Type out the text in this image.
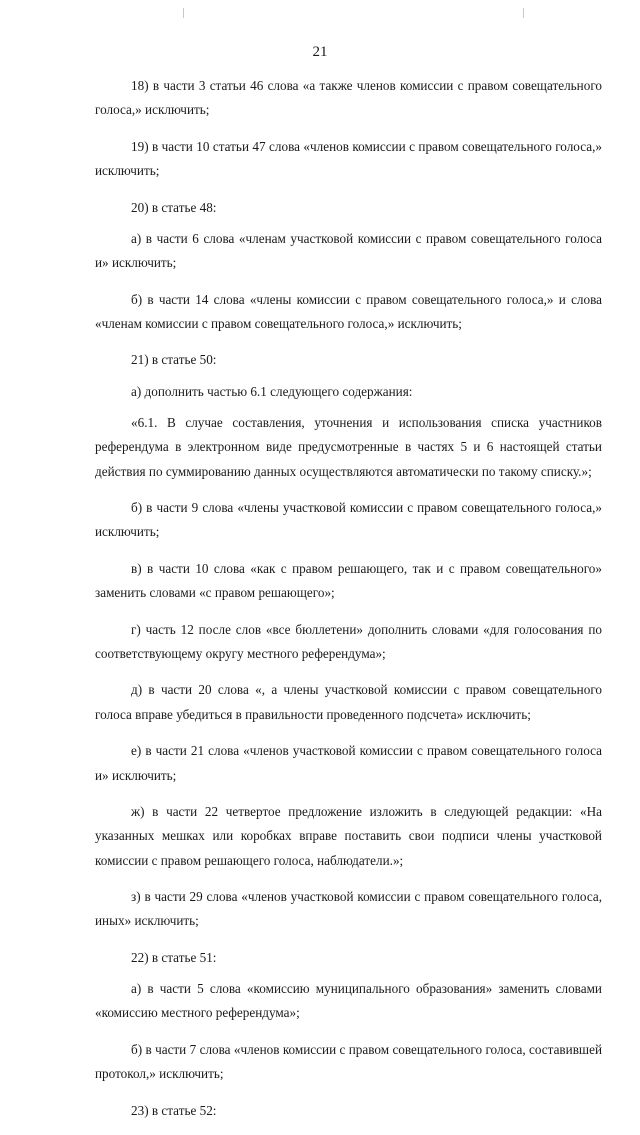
21

18) в части 3 статьи 46 слова «а также членов комиссии с правом совещательного голоса,» исключить;

19) в части 10 статьи 47 слова «членов комиссии с правом совещательного голоса,» исключить;

20) в статье 48:

а) в части 6 слова «членам участковой комиссии с правом совещательного голоса и» исключить;

б) в части 14 слова «члены комиссии с правом совещательного голоса,» и слова «членам комиссии с правом совещательного голоса,» исключить;

21) в статье 50:

а) дополнить частью 6.1 следующего содержания:

«6.1. В случае составления, уточнения и использования списка участников референдума в электронном виде предусмотренные в частях 5 и 6 настоящей статьи действия по суммированию данных осуществляются автоматически по такому списку.»;

б) в части 9 слова «члены участковой комиссии с правом совещательного голоса,» исключить;

в) в части 10 слова «как с правом решающего, так и с правом совещательного» заменить словами «с правом решающего»;

г) часть 12 после слов «все бюллетени» дополнить словами «для голосования по соответствующему округу местного референдума»;

д) в части 20 слова «, а члены участковой комиссии с правом совещательного голоса вправе убедиться в правильности проведенного подсчета» исключить;

е) в части 21 слова «членов участковой комиссии с правом совещательного голоса и» исключить;

ж) в части 22 четвертое предложение изложить в следующей редакции: «На указанных мешках или коробках вправе поставить свои подписи члены участковой комиссии с правом решающего голоса, наблюдатели.»;

з) в части 29 слова «членов участковой комиссии с правом совещательного голоса, иных» исключить;

22) в статье 51:

а) в части 5 слова «комиссию муниципального образования» заменить словами «комиссию местного референдума»;

б) в части 7 слова «членов комиссии с правом совещательного голоса, составившей протокол,» исключить;

23) в статье 52:
